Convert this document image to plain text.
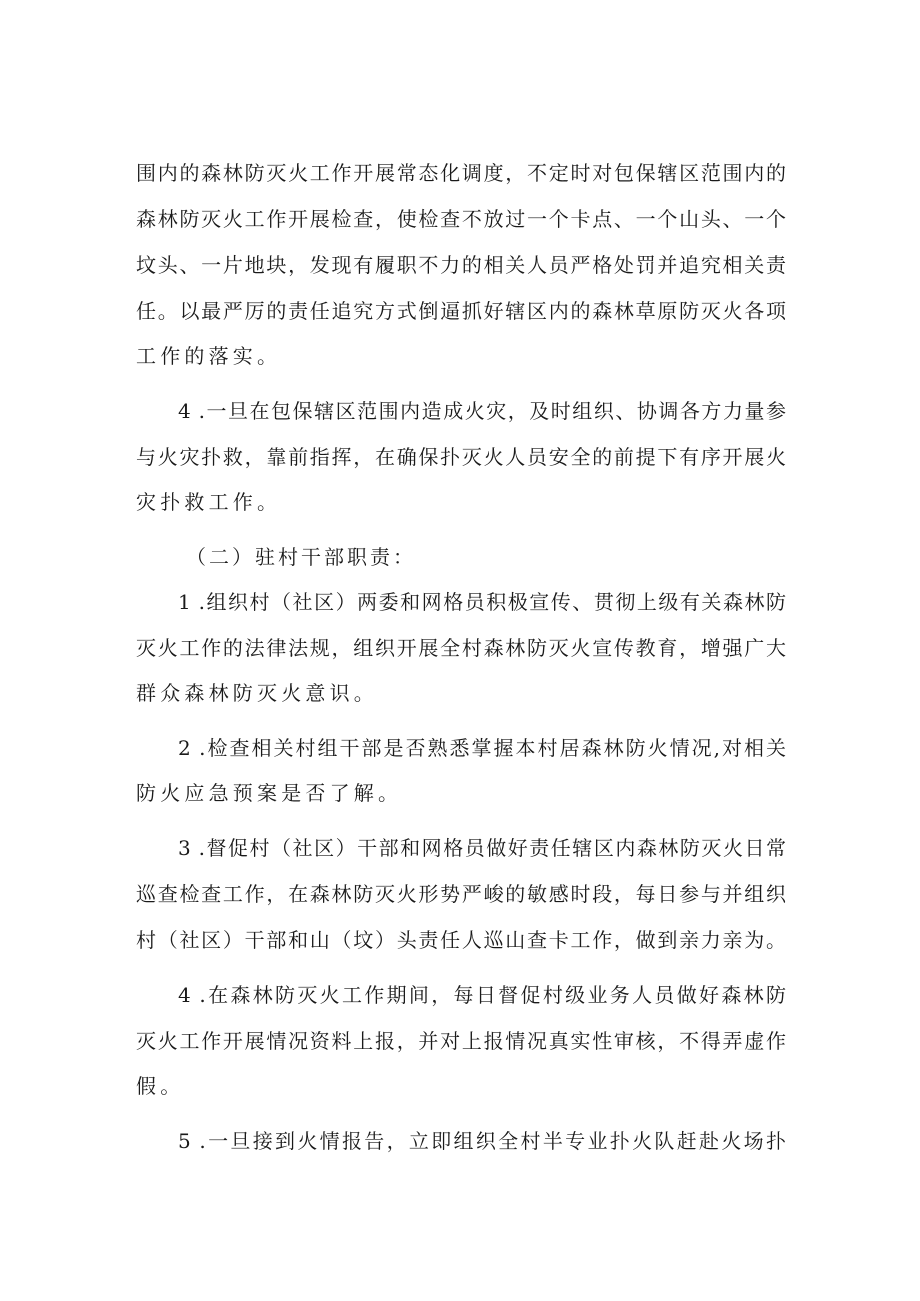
围内的森林防灭火工作开展常态化调度，不定时对包保辖区范围内的
森林防灭火工作开展检查，使检查不放过一个卡点、一个山头、一个
坟头、一片地块，发现有履职不力的相关人员严格处罚并追究相关责
任。以最严厉的责任追究方式倒逼抓好辖区内的森林草原防灭火各项
工作的落实。
4 .一旦在包保辖区范围内造成火灾，及时组织、协调各方力量参
与火灾扑救，靠前指挥，在确保扑灭火人员安全的前提下有序开展火
灾扑救工作。
（二）驻村干部职责：
1 .组织村（社区）两委和网格员积极宣传、贯彻上级有关森林防
灭火工作的法律法规，组织开展全村森林防灭火宣传教育，增强广大
群众森林防灭火意识。
2 .检查相关村组干部是否熟悉掌握本村居森林防火情况,对相关
防火应急预案是否了解。
3 .督促村（社区）干部和网格员做好责任辖区内森林防灭火日常
巡查检查工作，在森林防灭火形势严峻的敏感时段，每日参与并组织
村（社区）干部和山（坟）头责任人巡山查卡工作，做到亲力亲为。
4 .在森林防灭火工作期间，每日督促村级业务人员做好森林防
灭火工作开展情况资料上报，并对上报情况真实性审核，不得弄虚作
假。
5 .一旦接到火情报告，立即组织全村半专业扑火队赶赴火场扑
